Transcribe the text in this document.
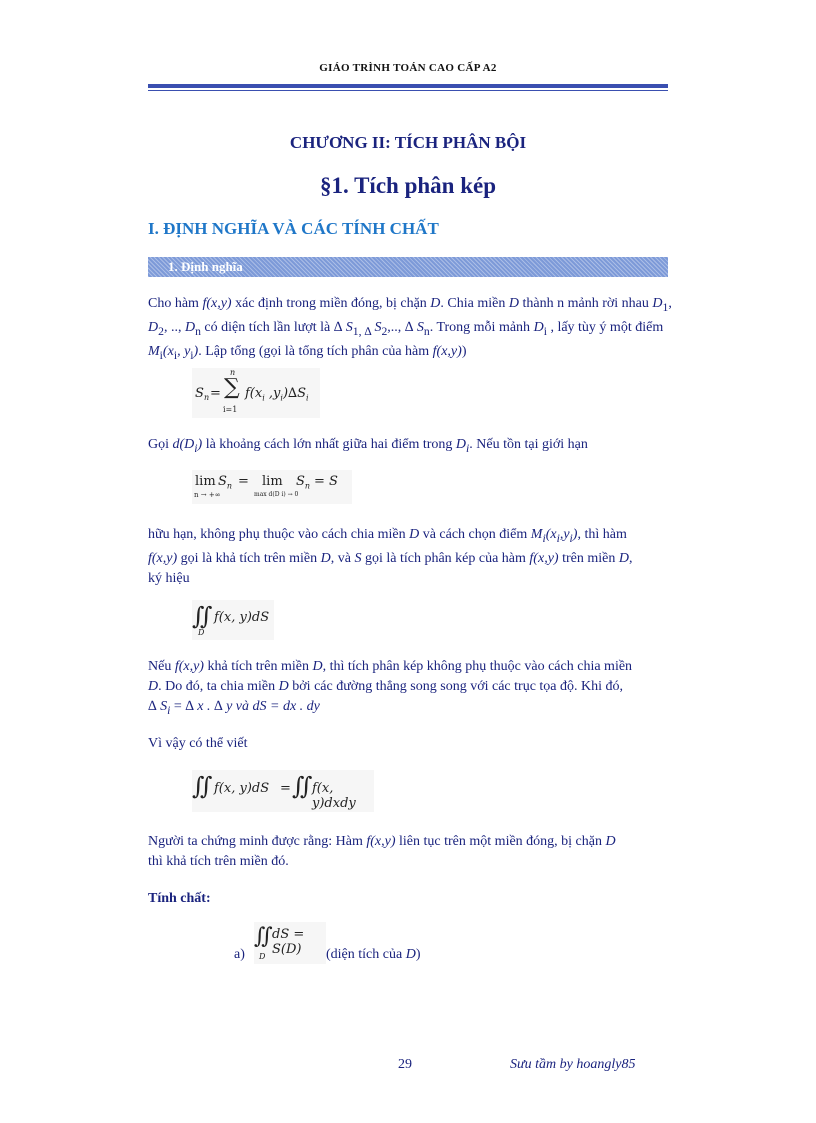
GIÁO TRÌNH TOÁN CAO CẤP A2
CHƯƠNG II: TÍCH PHÂN BỘI
§1. Tích phân kép
I. ĐỊNH NGHĨA VÀ CÁC TÍNH CHẤT
1. Định nghĩa
Cho hàm f(x,y) xác định trong miền đóng, bị chặn D. Chia miền D thành n mảnh rời nhau $D_1$, $D_2$, .., $D_n$ có diện tích lần lượt là ∆ $S_{1, \Delta}$ $S_2$,.., ∆ $S_n$. Trong mỗi mảnh $D_i$ , lấy tùy ý một điểm $M_i(x_i$, $y_i$). Lập tổng (gọi là tổng tích phân của hàm f(x,y))
S n =
n
∑
i=1
$f(x_i$ $,y_i)\Delta S_i$
Gọi $d(D_i)$ là khoảng cách lớn nhất giữa hai điểm trong $D_i$. Nếu tồn tại giới hạn
lim
n → +∞
$S_n = \lim$
max d(D i) → 0
$S_n = S$
hữu hạn, không phụ thuộc vào cách chia miền D và cách chọn điểm $M_i(x_i,y_i)$, thì hàm
f(x,y) gọi là khả tích trên miền D, và S gọi là tích phân kép của hàm f(x,y) trên miền D,
ký hiệu
∬
D
f(x, y)dS
Nếu f(x,y) khả tích trên miền D, thì tích phân kép không phụ thuộc vào cách chia miền
D. Do đó, ta chia miền D bởi các đường thẳng song song với các trục tọa độ. Khi đó,
∆ $S_i$ = ∆ x . ∆ y và dS = dx . dy
Vì vậy có thể viết
∬ f(x, y)dS = ∬ f(x, y)dxdy
Người ta chứng minh được rằng: Hàm f(x,y) liên tục trên một miền đóng, bị chặn D
thì khả tích trên miền đó.
Tính chất:
a)
∬
D
dS = S(D)	(diện tích của D)
29	Sưu tầm by hoangly85
